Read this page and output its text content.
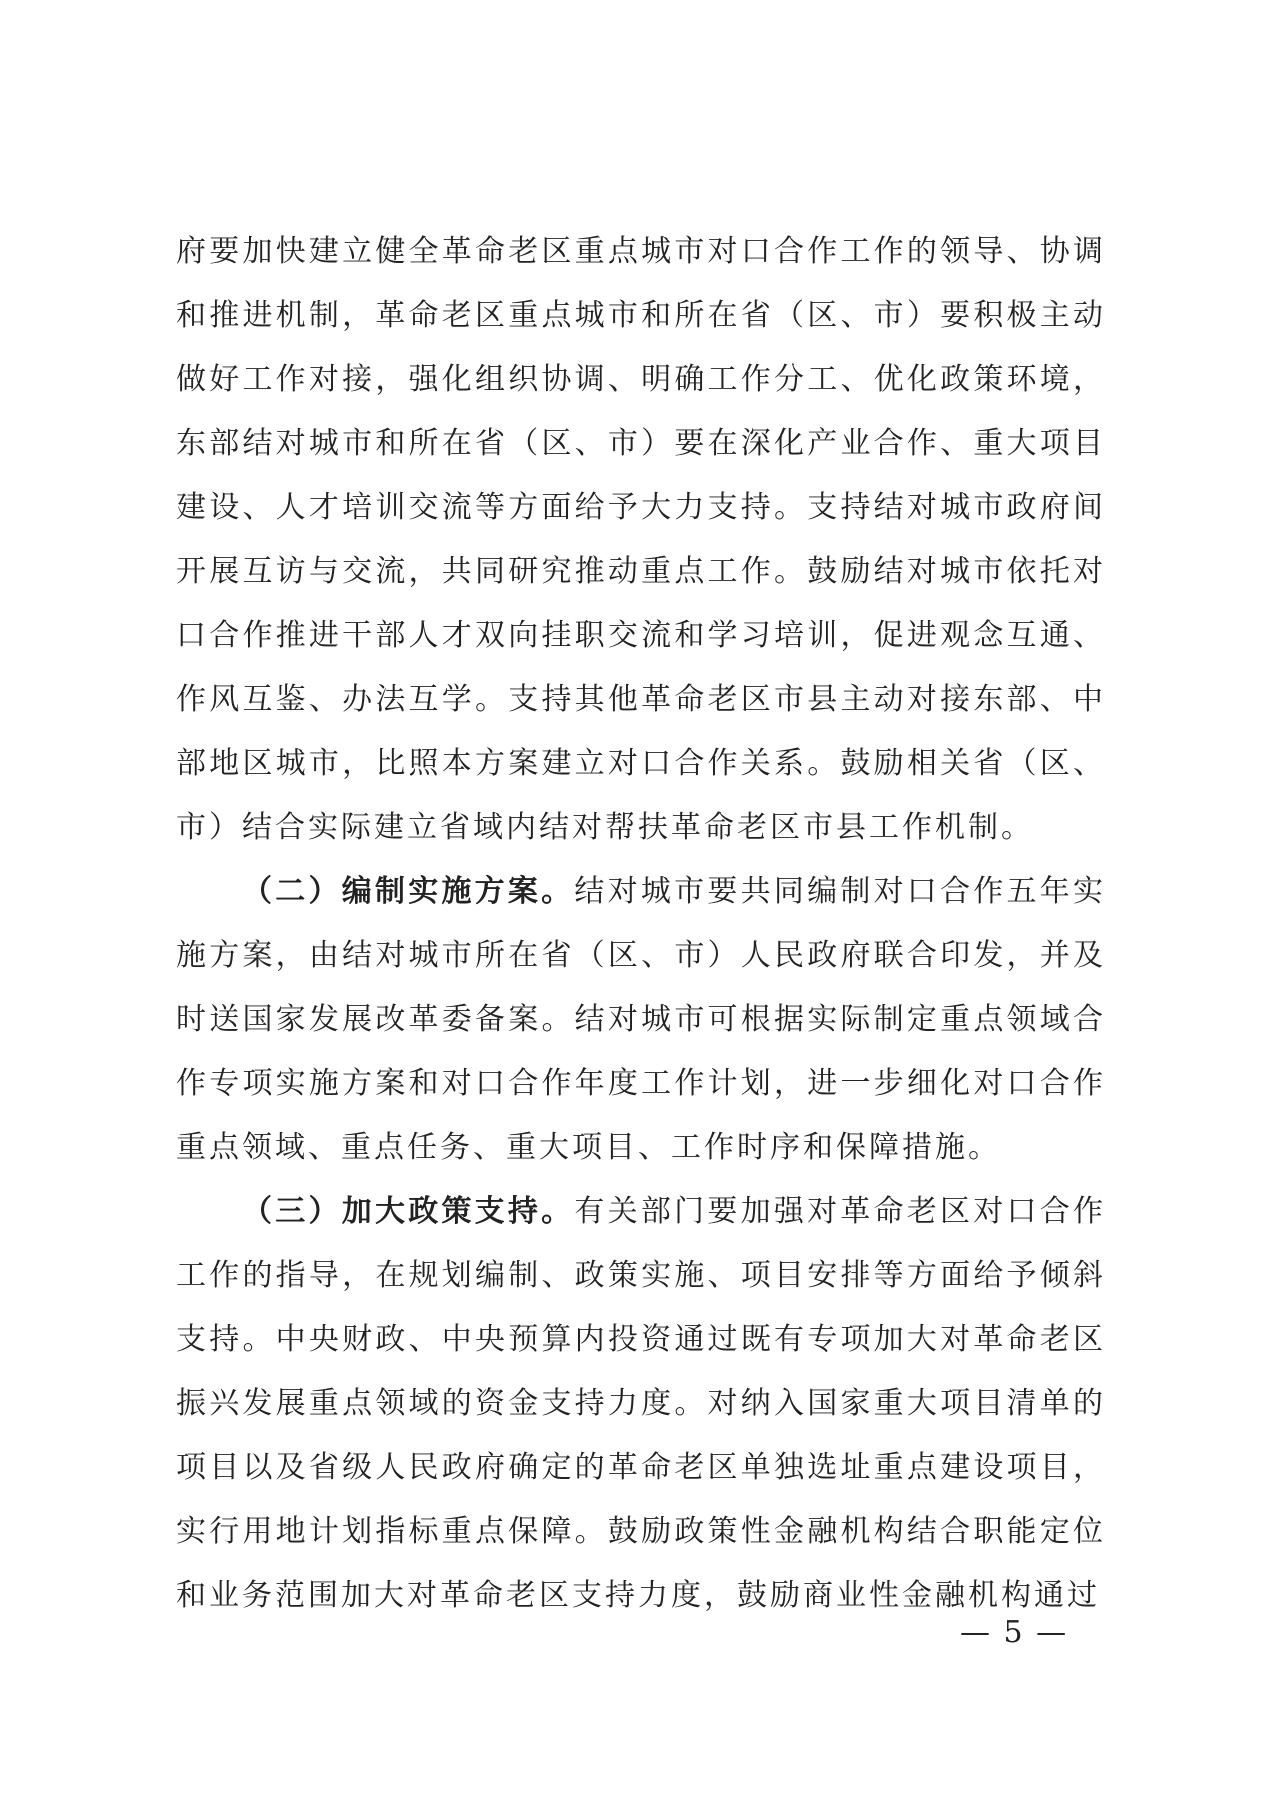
府要加快建立健全革命老区重点城市对口合作工作的领导、协调和推进机制，革命老区重点城市和所在省（区、市）要积极主动做好工作对接，强化组织协调、明确工作分工、优化政策环境，东部结对城市和所在省（区、市）要在深化产业合作、重大项目建设、人才培训交流等方面给予大力支持。支持结对城市政府间开展互访与交流，共同研究推动重点工作。鼓励结对城市依托对口合作推进干部人才双向挂职交流和学习培训，促进观念互通、作风互鉴、办法互学。支持其他革命老区市县主动对接东部、中部地区城市，比照本方案建立对口合作关系。鼓励相关省（区、市）结合实际建立省域内结对帮扶革命老区市县工作机制。

（二）编制实施方案。结对城市要共同编制对口合作五年实施方案，由结对城市所在省（区、市）人民政府联合印发，并及时送国家发展改革委备案。结对城市可根据实际制定重点领域合作专项实施方案和对口合作年度工作计划，进一步细化对口合作重点领域、重点任务、重大项目、工作时序和保障措施。

（三）加大政策支持。有关部门要加强对革命老区对口合作工作的指导，在规划编制、政策实施、项目安排等方面给予倾斜支持。中央财政、中央预算内投资通过既有专项加大对革命老区振兴发展重点领域的资金支持力度。对纳入国家重大项目清单的项目以及省级人民政府确定的革命老区单独选址重点建设项目，实行用地计划指标重点保障。鼓励政策性金融机构结合职能定位和业务范围加大对革命老区支持力度，鼓励商业性金融机构通过

— 5 —
